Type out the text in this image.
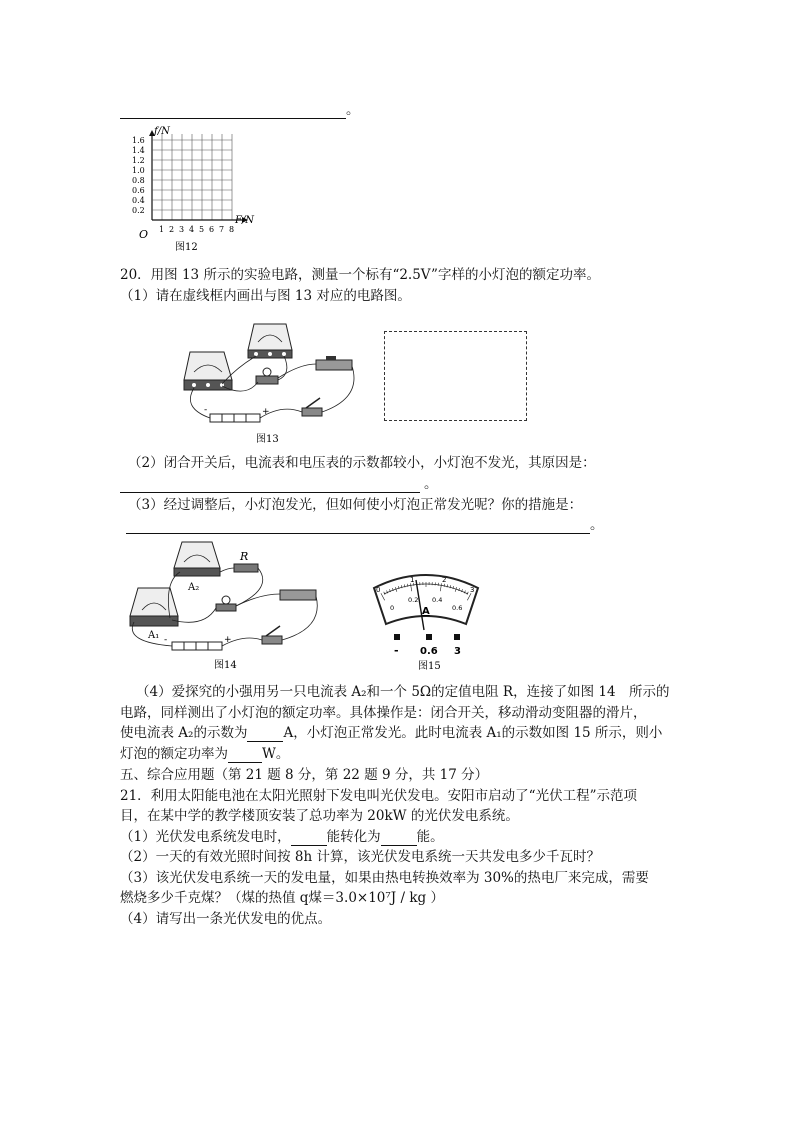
。
1.6
1.4
1.2
1.0
0.8
0.6
0.4
0.2
1 2 3 4 5 6 7 8
f/N
F/N
O
图12
20．用图 13 所示的实验电路，测量一个标有“2.5V”字样的小灯泡的额定功率。
（1）请在虚线框内画出与图 13 对应的电路图。
-	+
图13
（2）闭合开关后，电流表和电压表的示数都较小，小灯泡不发光，其原因是：
。
（3）经过调整后，小灯泡发光，但如何使小灯泡正常发光呢？你的措施是：
。
A₂
R
A₁ -	+
图14
0
1	2
3
0
0.2 0.4
0.6
A
- 0.6 3
图15
（4）爱探究的小强用另一只电流表 A₂和一个 5Ω的定值电阻 R，连接了如图 14　所示的
电路，同样测出了小灯泡的额定功率。具体操作是：闭合开关，移动滑动变阻器的滑片，
使电流表 A₂的示数为	A，小灯泡正常发光。此时电流表 A₁的示数如图 15 所示，则小
灯泡的额定功率为	W。
五、综合应用题（第 21 题 8 分，第 22 题 9 分，共 17 分）
21．利用太阳能电池在太阳光照射下发电叫光伏发电。安阳市启动了“光伏工程”示范项
目，在某中学的教学楼顶安装了总功率为 20kW 的光伏发电系统。
（1）光伏发电系统发电时，	能转化为	能。
（2）一天的有效光照时间按 8h 计算，该光伏发电系统一天共发电多少千瓦时？
（3）该光伏发电系统一天的发电量，如果由热电转换效率为 30%的热电厂来完成，需要
燃烧多少千克煤？（煤的热值 q煤＝3.0×10⁷J / kg ）
（4）请写出一条光伏发电的优点。
